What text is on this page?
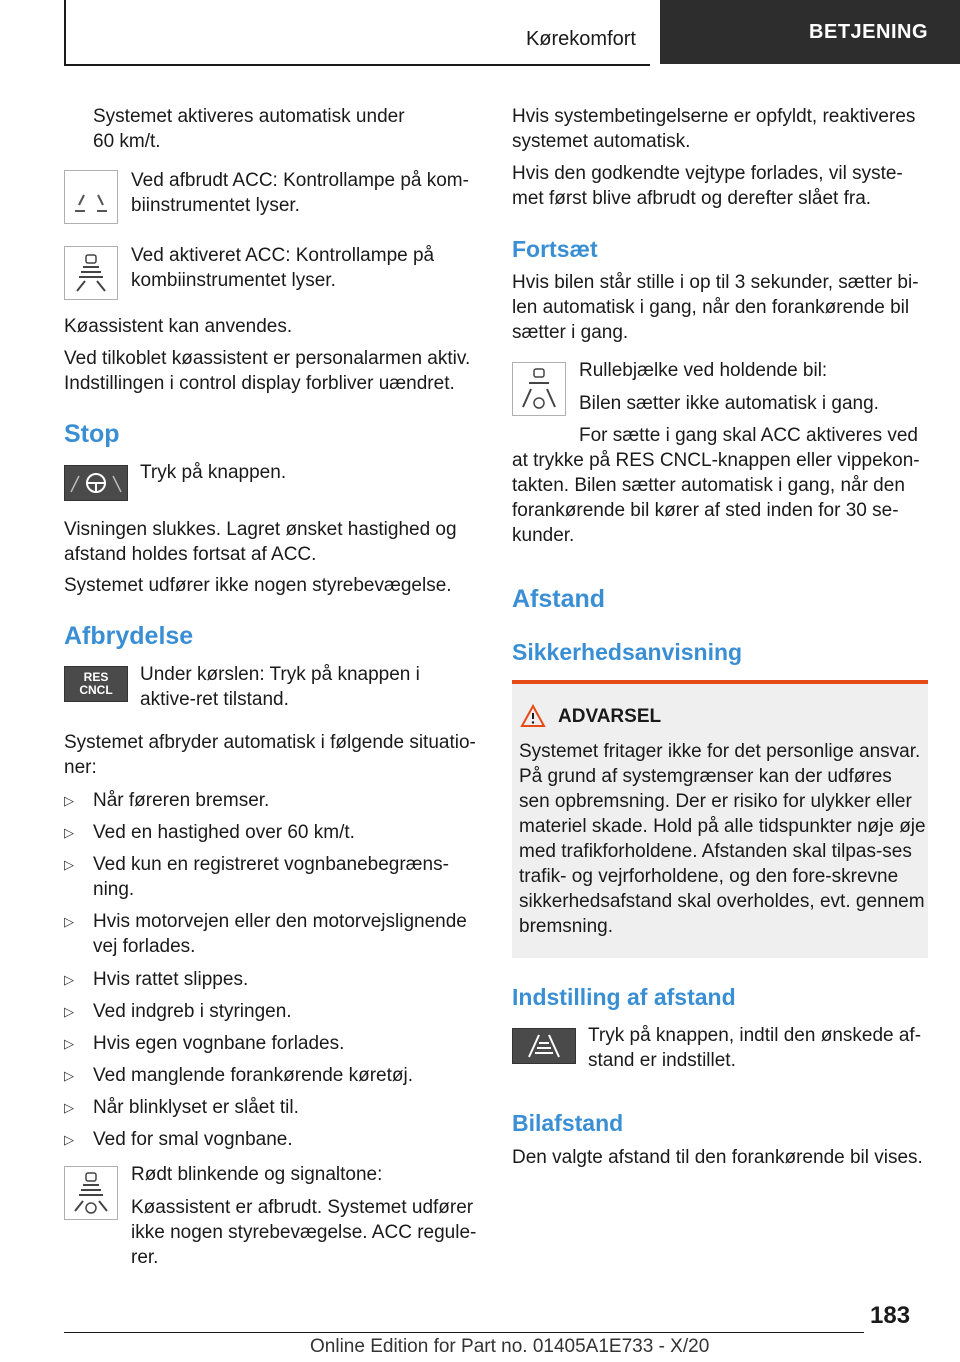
Kørekomfort	BETJENING

Systemet aktiveres automatisk under 60 km/t.

Ved afbrudt ACC: Kontrollampe på kom-biinstrumentet lyser.

Ved aktiveret ACC: Kontrollampe på kombiinstrumentet lyser.

Køassistent kan anvendes.

Ved tilkoblet køassistent er personalarmen aktiv. Indstillingen i control display forbliver uændret.

Stop

Tryk på knappen.

Visningen slukkes. Lagret ønsket hastighed og afstand holdes fortsat af ACC.

Systemet udfører ikke nogen styrebevægelse.

Afbrydelse
RES
CNCL

Under kørslen: Tryk på knappen i aktive-ret tilstand.

Systemet afbryder automatisk i følgende situatio-ner:

▷ Når føreren bremser.
▷ Ved en hastighed over 60 km/t.
▷ Ved kun en registreret vognbanebegræns-ning.
▷ Hvis motorvejen eller den motorvejslignende vej forlades.
▷ Hvis rattet slippes.
▷ Ved indgreb i styringen.
▷ Hvis egen vognbane forlades.
▷ Ved manglende forankørende køretøj.
▷ Når blinklyset er slået til.
▷ Ved for smal vognbane.

Rødt blinkende og signaltone:

Køassistent er afbrudt. Systemet udfører ikke nogen styrebevægelse. ACC regule-rer.

Hvis systembetingelserne er opfyldt, reaktiveres systemet automatisk.

Hvis den godkendte vejtype forlades, vil syste-met først blive afbrudt og derefter slået fra.

Fortsæt

Hvis bilen står stille i op til 3 sekunder, sætter bi-len automatisk i gang, når den forankørende bil sætter i gang.

Rullebjælke ved holdende bil:

Bilen sætter ikke automatisk i gang.

For sætte i gang skal ACC aktiveres ved at trykke på RES CNCL-knappen eller vippekon-takten. Bilen sætter automatisk i gang, når den forankørende bil kører af sted inden for 30 se-kunder.

Afstand
Sikkerhedsanvisning
ADVARSEL

Systemet fritager ikke for det personlige ansvar. På grund af systemgrænser kan der udføres sen opbremsning. Der er risiko for ulykker eller materiel skade. Hold på alle tidspunkter nøje øje med trafikforholdene. Afstanden skal tilpas-ses trafik- og vejrforholdene, og den fore-skrevne sikkerhedsafstand skal overholdes, evt. gennem bremsning.

Indstilling af afstand

Tryk på knappen, indtil den ønskede af-stand er indstillet.

Bilafstand

Den valgte afstand til den forankørende bil vises.

183
Online Edition for Part no. 01405A1E733 - X/20
